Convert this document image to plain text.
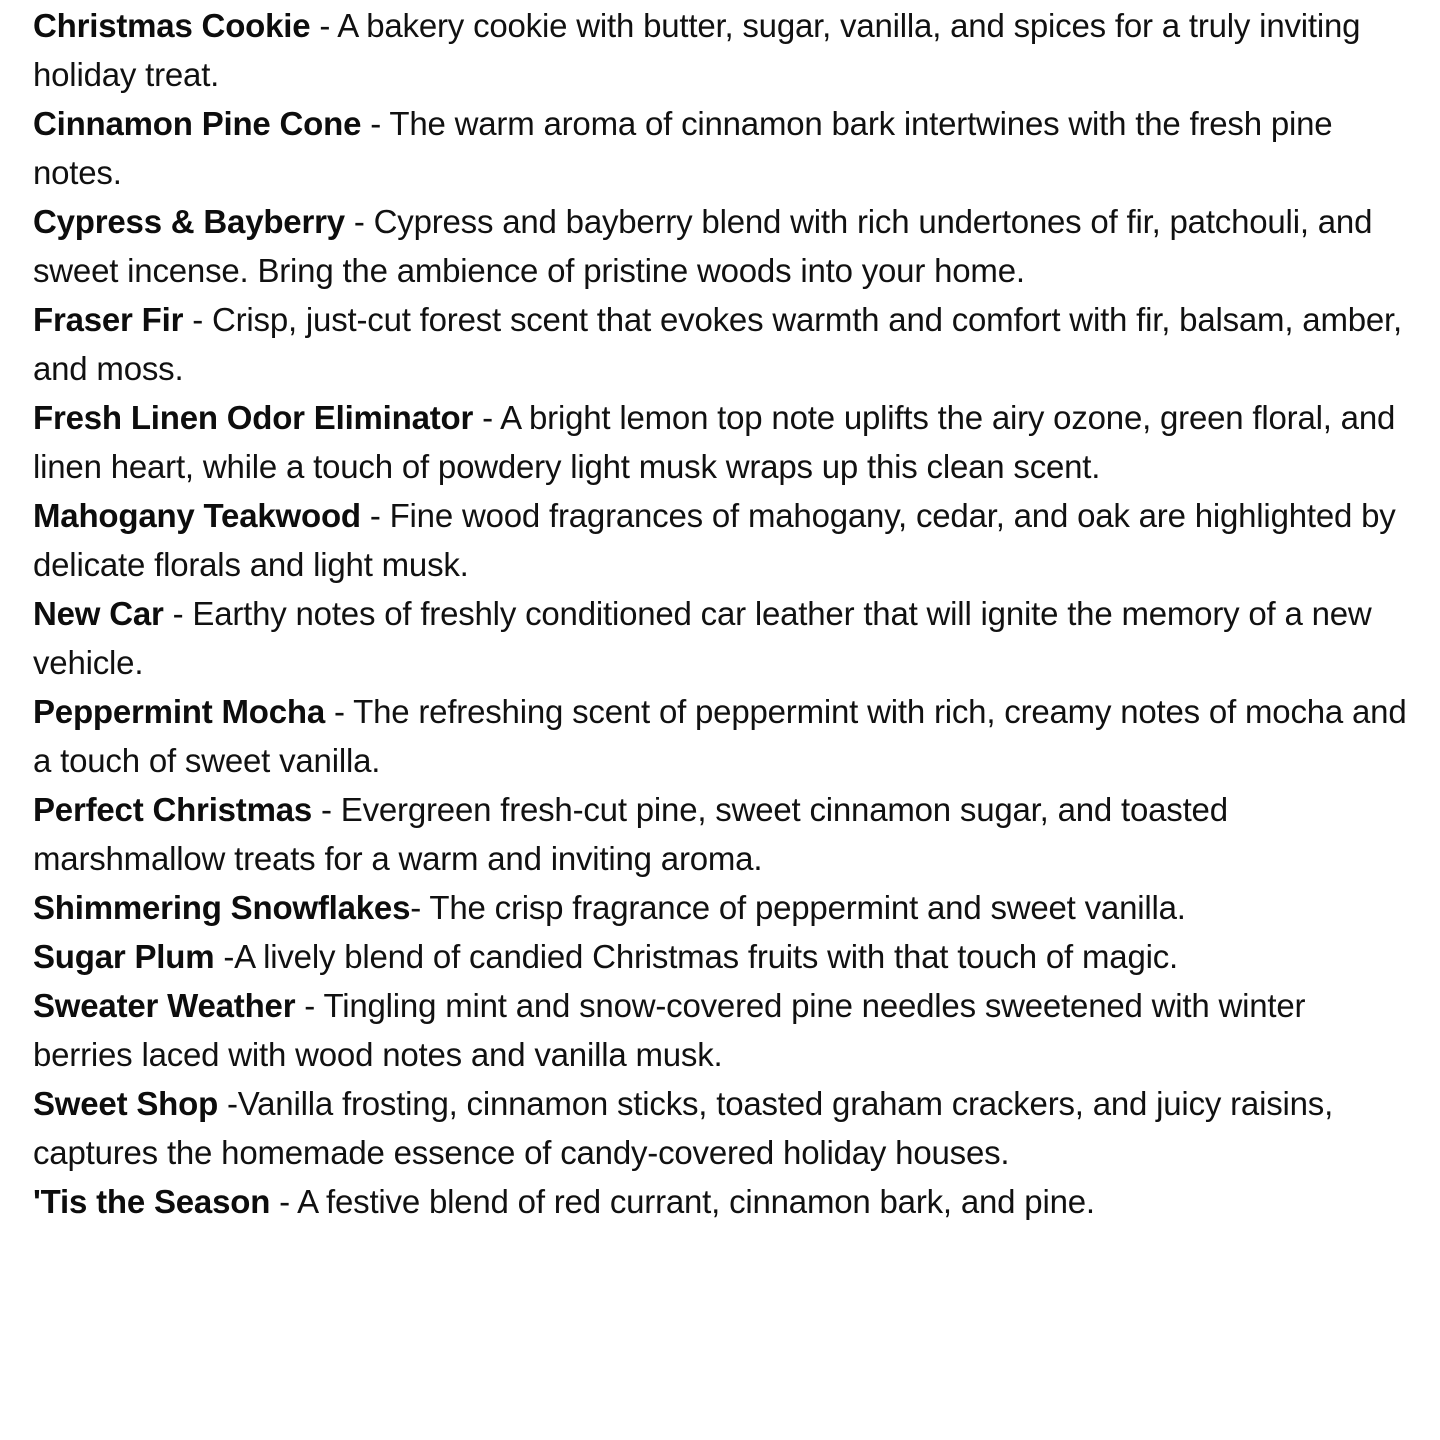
Christmas Cookie - A bakery cookie with butter, sugar, vanilla, and spices for a truly inviting holiday treat.

Cinnamon Pine Cone - The warm aroma of cinnamon bark intertwines with the fresh pine notes.

Cypress & Bayberry - Cypress and bayberry blend with rich undertones of fir, patchouli, and sweet incense. Bring the ambience of pristine woods into your home.

Fraser Fir - Crisp, just-cut forest scent that evokes warmth and comfort with fir, balsam, amber, and moss.

Fresh Linen Odor Eliminator - A bright lemon top note uplifts the airy ozone, green floral, and linen heart, while a touch of powdery light musk wraps up this clean scent.

Mahogany Teakwood - Fine wood fragrances of mahogany, cedar, and oak are highlighted by delicate florals and light musk.

New Car - Earthy notes of freshly conditioned car leather that will ignite the memory of a new vehicle.

Peppermint Mocha - The refreshing scent of peppermint with rich, creamy notes of mocha and a touch of sweet vanilla.

Perfect Christmas - Evergreen fresh-cut pine, sweet cinnamon sugar, and toasted marshmallow treats for a warm and inviting aroma.

Shimmering Snowflakes- The crisp fragrance of peppermint and sweet vanilla.

Sugar Plum -A lively blend of candied Christmas fruits with that touch of magic.

Sweater Weather - Tingling mint and snow-covered pine needles sweetened with winter berries laced with wood notes and vanilla musk.

Sweet Shop -Vanilla frosting, cinnamon sticks, toasted graham crackers, and juicy raisins, captures the homemade essence of candy-covered holiday houses.

'Tis the Season - A festive blend of red currant, cinnamon bark, and pine.
